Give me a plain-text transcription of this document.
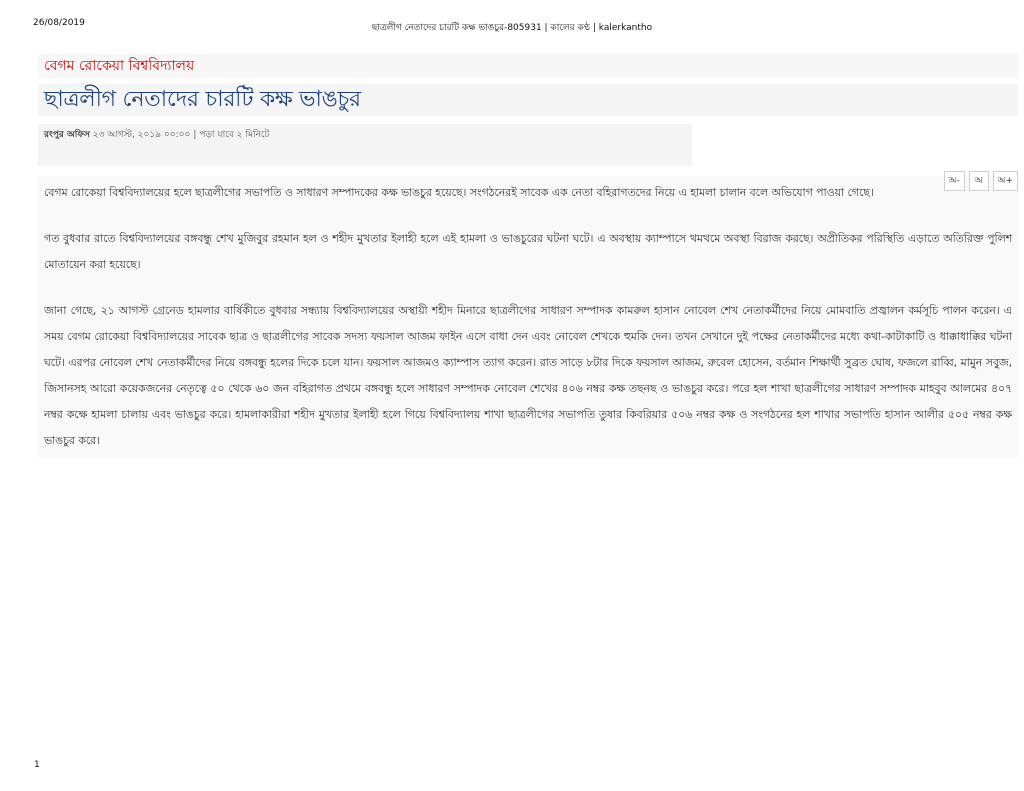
26/08/2019	ছাত্রলীগ নেতাদের চারটি কক্ষ ভাঙচুর-805931 | কালের কণ্ঠ | kalerkantho
বেগম রোকেয়া বিশ্ববিদ্যালয়
ছাত্রলীগ নেতাদের চারটি কক্ষ ভাঙচুর
রংপুর অফিস ২৩ আগস্ট, ২০১৯ ০০:০০ | পড়া যাবে ২ মিনিটে
অ-	অ	অ+

বেগম রোকেয়া বিশ্ববিদ্যালয়ের হলে ছাত্রলীগের সভাপতি ও সাধারণ সম্পাদকের কক্ষ ভাঙচুর হয়েছে। সংগঠনেরই সাবেক এক নেতা বহিরাগতদের নিয়ে এ হামলা চালান বলে অভিযোগ পাওয়া গেছে।

গত বুধবার রাতে বিশ্ববিদ্যালয়ের বঙ্গবন্ধু শেখ মুজিবুর রহমান হল ও শহীদ মুখতার ইলাহী হলে এই হামলা ও ভাঙচুরের ঘটনা ঘটে। এ অবস্থায় ক্যাম্পাসে থমথমে অবস্থা বিরাজ করছে। অপ্রীতিকর পরিস্থিতি এড়াতে অতিরিক্ত পুলিশ মোতায়েন করা হয়েছে।

জানা গেছে, ২১ আগস্ট গ্রেনেড হামলার বার্ষিকীতে বুধবার সন্ধ্যায় বিশ্ববিদ্যালয়ের অস্থায়ী শহীদ মিনারে ছাত্রলীগের সাধারণ সম্পাদক কামরুল হাসান নোবেল শেখ নেতাকর্মীদের নিয়ে মোমবাতি প্রজ্বালন কর্মসূচি পালন করেন। এ সময় বেগম রোকেয়া বিশ্ববিদ্যালয়ের সাবেক ছাত্র ও ছাত্রলীগের সাবেক সদস্য ফয়সাল আজম ফাইন এসে বাধা দেন এবং নোবেল শেখকে হুমকি দেন। তখন সেখানে দুই পক্ষের নেতাকর্মীদের মধ্যে কথা-কাটাকাটি ও ধাক্কাধাক্কির ঘটনা ঘটে। এরপর নোবেল শেখ নেতাকর্মীদের নিয়ে বঙ্গবন্ধু হলের দিকে চলে যান। ফয়সাল আজমও ক্যাম্পাস ত্যাগ করেন। রাত সাড়ে ৮টার দিকে ফয়সাল আজম, রুবেল হোসেন, বর্তমান শিক্ষার্থী সুব্রত ঘোষ, ফজলে রাব্বি, মামুন সবুজ, জিসানসহ আরো কয়েকজনের নেতৃত্বে ৫০ থেকে ৬০ জন বহিরাগত প্রথমে বঙ্গবন্ধু হলে সাধারণ সম্পাদক নোবেল শেখের ৪০৬ নম্বর কক্ষ তছনছ ও ভাঙচুর করে। পরে হল শাখা ছাত্রলীগের সাধারণ সম্পাদক মাহবুব আলমের ৪০৭ নম্বর কক্ষে হামলা চালায় এবং ভাঙচুর করে। হামলাকারীরা শহীদ মুখতার ইলাহী হলে গিয়ে বিশ্ববিদ্যালয় শাখা ছাত্রলীগের সভাপতি তুষার কিবরিয়ার ৫০৬ নম্বর কক্ষ ও সংগঠনের হল শাখার সভাপতি হাসান আলীর ৫০৫ নম্বর কক্ষ ভাঙচুর করে।

1
